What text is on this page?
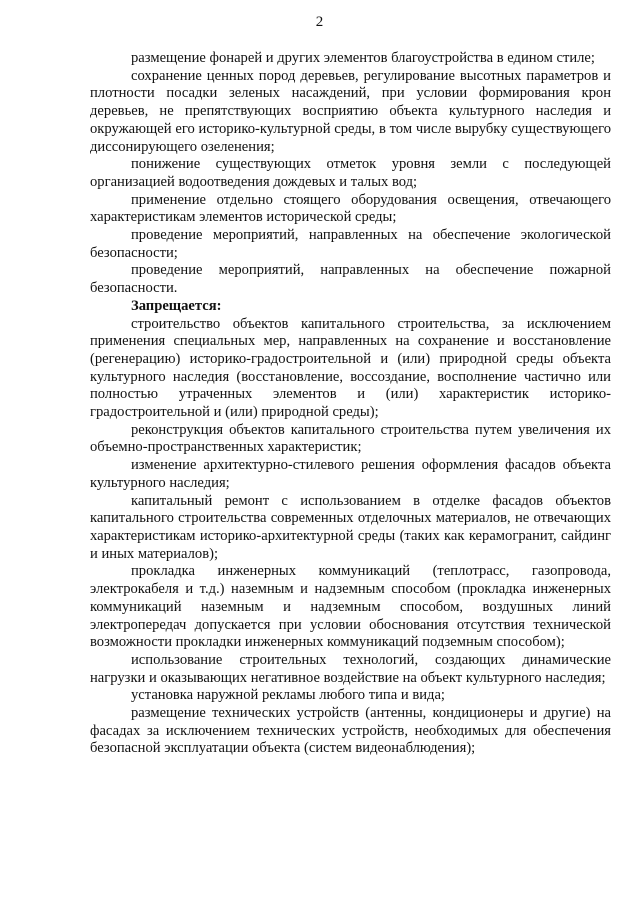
2

размещение фонарей и других элементов благоустройства в едином стиле;

сохранение ценных пород деревьев, регулирование высотных параметров и плотности посадки зеленых насаждений, при условии формирования крон деревьев, не препятствующих восприятию объекта культурного наследия и окружающей его историко-культурной среды, в том числе вырубку существующего диссонирующего озеленения;

понижение существующих отметок уровня земли с последующей организацией водоотведения дождевых и талых вод;

применение отдельно стоящего оборудования освещения, отвечающего характеристикам элементов исторической среды;

проведение мероприятий, направленных на обеспечение экологической безопасности;

проведение мероприятий, направленных на обеспечение пожарной безопасности.

Запрещается:

строительство объектов капитального строительства, за исключением применения специальных мер, направленных на сохранение и восстановление (регенерацию) историко-градостроительной и (или) природной среды объекта культурного наследия (восстановление, воссоздание, восполнение частично или полностью утраченных элементов и (или) характеристик историко-градостроительной и (или) природной среды);

реконструкция объектов капитального строительства путем увеличения их объемно-пространственных характеристик;

изменение архитектурно-стилевого решения оформления фасадов объекта культурного наследия;

капитальный ремонт с использованием в отделке фасадов объектов капитального строительства современных отделочных материалов, не отвечающих характеристикам историко-архитектурной среды (таких как керамогранит, сайдинг и иных материалов);

прокладка инженерных коммуникаций (теплотрасс, газопровода, электрокабеля и т.д.) наземным и надземным способом (прокладка инженерных коммуникаций наземным и надземным способом, воздушных линий электропередач допускается при условии обоснования отсутствия технической возможности прокладки инженерных коммуникаций подземным способом);

использование строительных технологий, создающих динамические нагрузки и оказывающих негативное воздействие на объект культурного наследия;

установка наружной рекламы любого типа и вида;

размещение технических устройств (антенны, кондиционеры и другие) на фасадах за исключением технических устройств, необходимых для обеспечения безопасной эксплуатации объекта (систем видеонаблюдения);
